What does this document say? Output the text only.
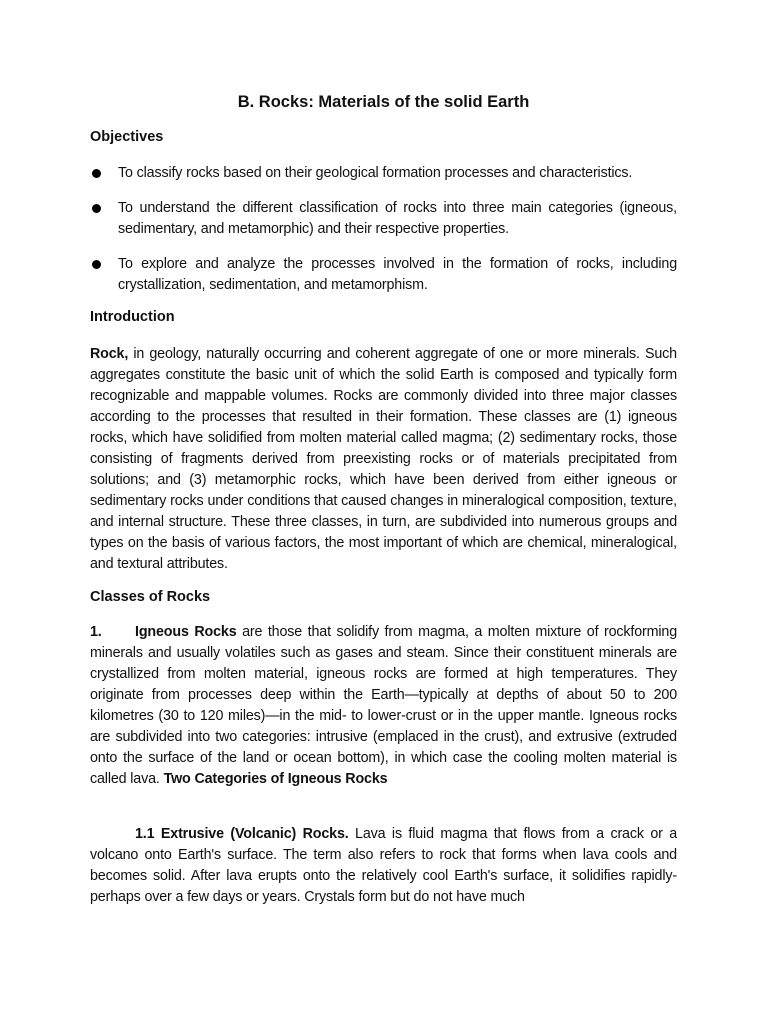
B. Rocks: Materials of the solid Earth
Objectives
To classify rocks based on their geological formation processes and characteristics.
To understand the different classification of rocks into three main categories (igneous, sedimentary, and metamorphic) and their respective properties.
To explore and analyze the processes involved in the formation of rocks, including crystallization, sedimentation, and metamorphism.
Introduction
Rock, in geology, naturally occurring and coherent aggregate of one or more minerals. Such aggregates constitute the basic unit of which the solid Earth is composed and typically form recognizable and mappable volumes. Rocks are commonly divided into three major classes according to the processes that resulted in their formation. These classes are (1) igneous rocks, which have solidified from molten material called magma; (2) sedimentary rocks, those consisting of fragments derived from preexisting rocks or of materials precipitated from solutions; and (3) metamorphic rocks, which have been derived from either igneous or sedimentary rocks under conditions that caused changes in mineralogical composition, texture, and internal structure. These three classes, in turn, are subdivided into numerous groups and types on the basis of various factors, the most important of which are chemical, mineralogical, and textural attributes.
Classes of Rocks
1. Igneous Rocks are those that solidify from magma, a molten mixture of rockforming minerals and usually volatiles such as gases and steam. Since their constituent minerals are crystallized from molten material, igneous rocks are formed at high temperatures. They originate from processes deep within the Earth—typically at depths of about 50 to 200 kilometres (30 to 120 miles)—in the mid- to lower-crust or in the upper mantle. Igneous rocks are subdivided into two categories: intrusive (emplaced in the crust), and extrusive (extruded onto the surface of the land or ocean bottom), in which case the cooling molten material is called lava. Two Categories of Igneous Rocks
1.1 Extrusive (Volcanic) Rocks. Lava is fluid magma that flows from a crack or a volcano onto Earth's surface. The term also refers to rock that forms when lava cools and becomes solid. After lava erupts onto the relatively cool Earth's surface, it solidifies rapidly-perhaps over a few days or years. Crystals form but do not have much
